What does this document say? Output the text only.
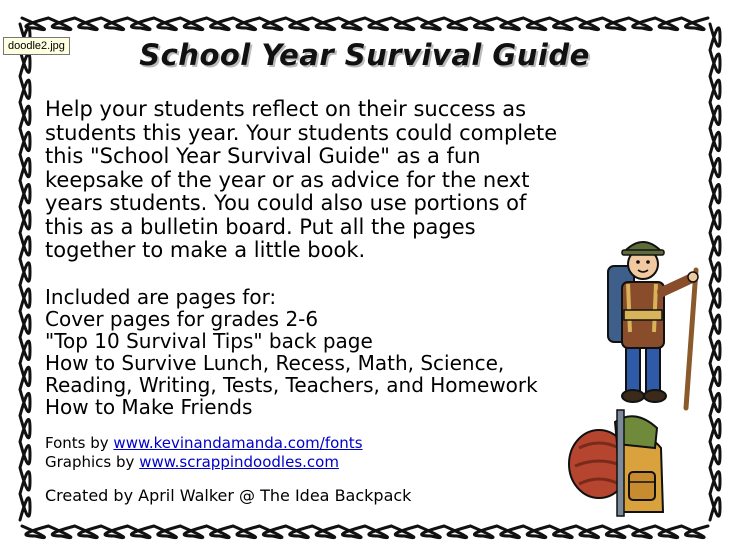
doodle2.jpg	School Year Survival Guide
Help your students reflect on their success as
students this year. Your students could complete
this "School Year Survival Guide" as a fun
keepsake of the year or as advice for the next
years students. You could also use portions of
this as a bulletin board. Put all the pages
together to make a little book.
Included are pages for:
Cover pages for grades 2-6
"Top 10 Survival Tips" back page
How to Survive Lunch, Recess, Math, Science,
Reading, Writing, Tests, Teachers, and Homework
How to Make Friends
Fonts by www.kevinandamanda.com/fonts
Graphics by www.scrappindoodles.com
Created by April Walker @ The Idea Backpack
